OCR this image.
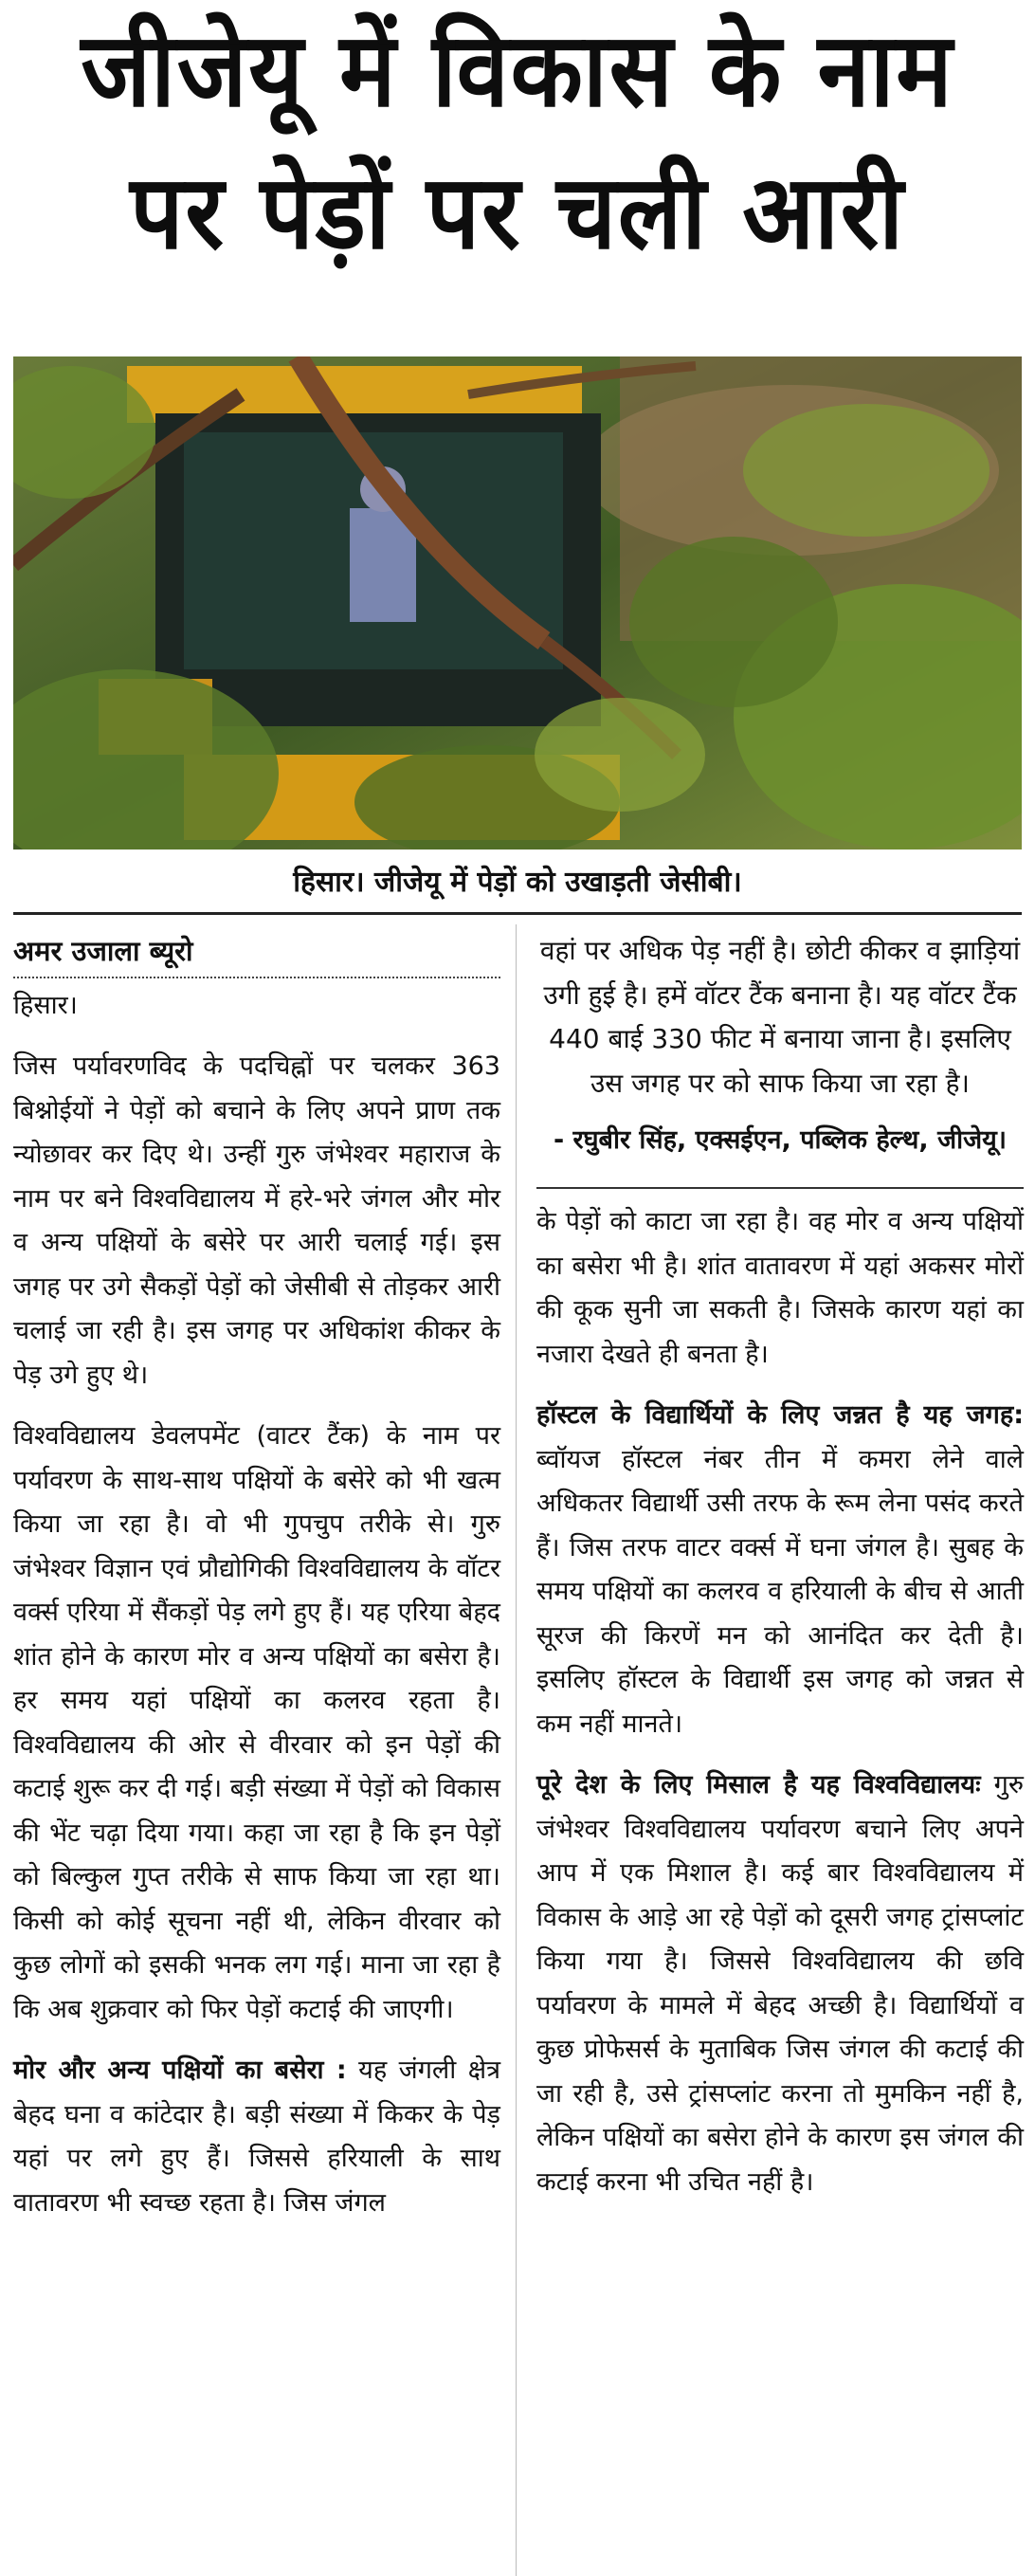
जीजेयू में विकास के नाम
पर पेड़ों पर चली आरी
हिसार। जीजेयू में पेड़ों को उखाड़ती जेसीबी।

अमर उजाला ब्यूरो

हिसार।

जिस पर्यावरणविद के पदचिह्नों पर चलकर 363 बिश्नोईयों ने पेड़ों को बचाने के लिए अपने प्राण तक न्योछावर कर दिए थे। उन्हीं गुरु जंभेश्वर महाराज के नाम पर बने विश्वविद्यालय में हरे-भरे जंगल और मोर व अन्य पक्षियों के बसेरे पर आरी चलाई गई। इस जगह पर उगे सैकड़ों पेड़ों को जेसीबी से तोड़कर आरी चलाई जा रही है। इस जगह पर अधिकांश कीकर के पेड़ उगे हुए थे।

विश्वविद्यालय डेवलपमेंट (वाटर टैंक) के नाम पर पर्यावरण के साथ-साथ पक्षियों के बसेरे को भी खत्म किया जा रहा है। वो भी गुपचुप तरीके से। गुरु जंभेश्वर विज्ञान एवं प्रौद्योगिकी विश्वविद्यालय के वॉटर वर्क्स एरिया में सैंकड़ों पेड़ लगे हुए हैं। यह एरिया बेहद शांत होने के कारण मोर व अन्य पक्षियों का बसेरा है। हर समय यहां पक्षियों का कलरव रहता है। विश्वविद्यालय की ओर से वीरवार को इन पेड़ों की कटाई शुरू कर दी गई। बड़ी संख्या में पेड़ों को विकास की भेंट चढ़ा दिया गया। कहा जा रहा है कि इन पेड़ों को बिल्कुल गुप्त तरीके से साफ किया जा रहा था। किसी को कोई सूचना नहीं थी, लेकिन वीरवार को कुछ लोगों को इसकी भनक लग गई। माना जा रहा है कि अब शुक्रवार को फिर पेड़ों कटाई की जाएगी।

मोर और अन्य पक्षियों का बसेरा : यह जंगली क्षेत्र बेहद घना व कांटेदार है। बड़ी संख्या में किकर के पेड़ यहां पर लगे हुए हैं। जिससे हरियाली के साथ वातावरण भी स्वच्छ रहता है। जिस जंगल

वहां पर अधिक पेड़ नहीं है। छोटी कीकर व झाड़ियां उगी हुई है। हमें वॉटर टैंक बनाना है। यह वॉटर टैंक 440 बाई 330 फीट में बनाया जाना है। इसलिए उस जगह पर को साफ किया जा रहा है।

- रघुबीर सिंह, एक्सईएन, पब्लिक हेल्थ, जीजेयू।

के पेड़ों को काटा जा रहा है। वह मोर व अन्य पक्षियों का बसेरा भी है। शांत वातावरण में यहां अकसर मोरों की कूक सुनी जा सकती है। जिसके कारण यहां का नजारा देखते ही बनता है।

हॉस्टल के विद्यार्थियों के लिए जन्नत है यह जगह: ब्वॉयज हॉस्टल नंबर तीन में कमरा लेने वाले अधिकतर विद्यार्थी उसी तरफ के रूम लेना पसंद करते हैं। जिस तरफ वाटर वर्क्स में घना जंगल है। सुबह के समय पक्षियों का कलरव व हरियाली के बीच से आती सूरज की किरणें मन को आनंदित कर देती है। इसलिए हॉस्टल के विद्यार्थी इस जगह को जन्नत से कम नहीं मानते।

पूरे देश के लिए मिसाल है यह विश्वविद्यालयः गुरु जंभेश्वर विश्वविद्यालय पर्यावरण बचाने लिए अपने आप में एक मिशाल है। कई बार विश्वविद्यालय में विकास के आड़े आ रहे पेड़ों को दूसरी जगह ट्रांसप्लांट किया गया है। जिससे विश्वविद्यालय की छवि पर्यावरण के मामले में बेहद अच्छी है। विद्यार्थियों व कुछ प्रोफेसर्स के मुताबिक जिस जंगल की कटाई की जा रही है, उसे ट्रांसप्लांट करना तो मुमकिन नहीं है, लेकिन पक्षियों का बसेरा होने के कारण इस जंगल की कटाई करना भी उचित नहीं है।
